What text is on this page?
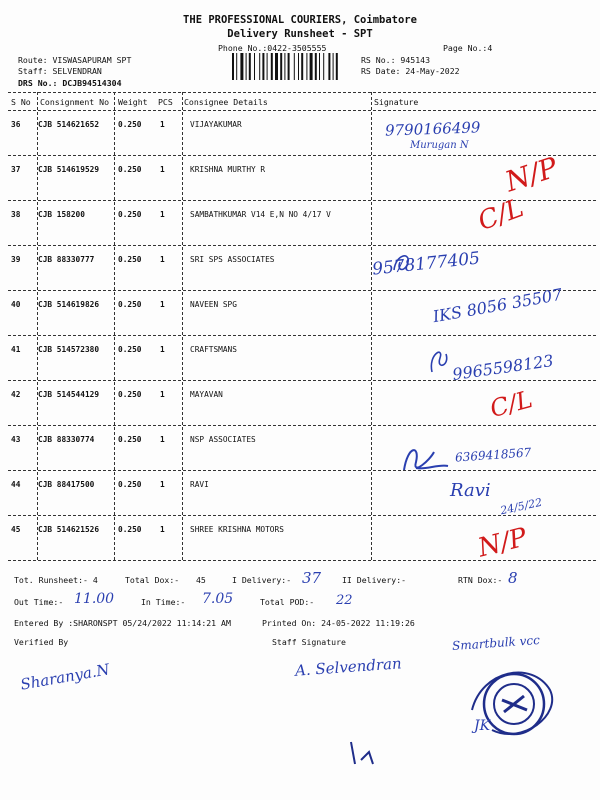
THE PROFESSIONAL COURIERS, Coimbatore
Delivery Runsheet - SPT
Phone No.:0422-3505555	Page No.:4
Route: VISWASAPURAM SPT
Staff: SELVENDRAN
DRS No.: DCJB94514304
RS No.: 945143
RS Date: 24-May-2022
S No Consignment No Weight PCS Consignee Details	Signature
36 CJB 514621652 0.250 1	VIJAYAKUMAR
37 CJB 514619529 0.250 1	KRISHNA MURTHY R
38 CJB 158200	0.250 1	SAMBATHKUMAR V14 E,N NO 4/17 V
39 CJB 88330777	0.250 1	SRI SPS ASSOCIATES
40 CJB 514619826 0.250 1	NAVEEN SPG
41 CJB 514572380 0.250 1	CRAFTSMANS
42 CJB 514544129 0.250 1	MAYAVAN
43 CJB 88330774	0.250 1	NSP ASSOCIATES
44 CJB 88417500	0.250 1	RAVI
45 CJB 514621526 0.250 1	SHREE KRISHNA MOTORS
9790166499
Murugan N
N/P
C/L
9578177405
IKS 8056 35507
9965598123
C/L
6369418567
Ravi
24/5/22
N/P
Tot. Runsheet:- 4	Total Dox:- 45	I Delivery:- 37	II Delivery:-	RTN Dox:- 8
Out Time:- 11.00	In Time:- 7.05	Total POD:- 22
Entered By :SHARONSPT 05/24/2022 11:14:21 AM	Printed On: 24-05-2022 11:19:26
Verified By	Staff Signature
Sharanya.N	A. Selvendran
Smartbulk vcc
JK
